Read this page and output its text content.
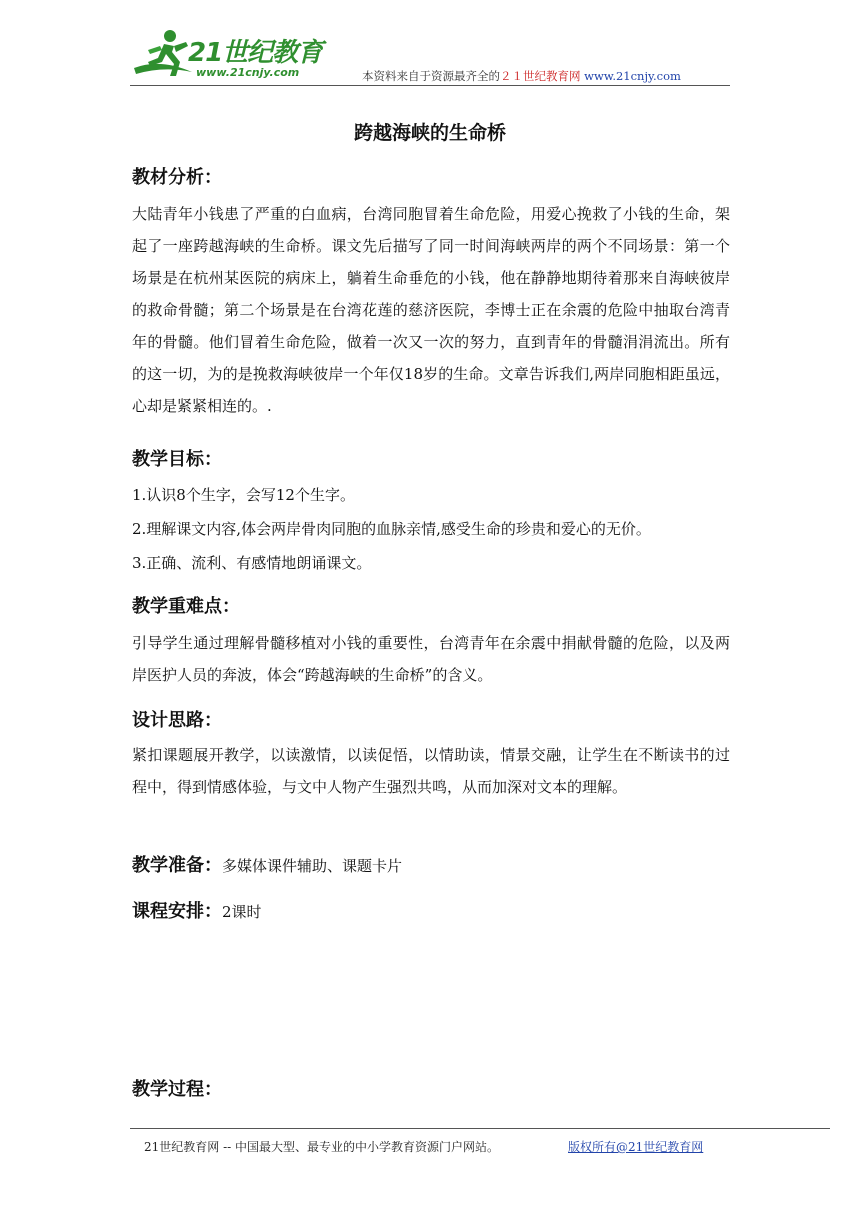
21世纪教育
www.21cnjy.com	本资料来自于资源最齐全的２１世纪教育网 www.21cnjy.com
跨越海峡的生命桥
教材分析：
大陆青年小钱患了严重的白血病，台湾同胞冒着生命危险，用爱心挽救了小钱的生命，架起了一座跨越海峡的生命桥。课文先后描写了同一时间海峡两岸的两个不同场景：第一个场景是在杭州某医院的病床上，躺着生命垂危的小钱，他在静静地期待着那来自海峡彼岸的救命骨髓；第二个场景是在台湾花莲的慈济医院，李博士正在余震的危险中抽取台湾青年的骨髓。他们冒着生命危险，做着一次又一次的努力，直到青年的骨髓涓涓流出。所有的这一切，为的是挽救海峡彼岸一个年仅18岁的生命。文章告诉我们,两岸同胞相距虽远，心却是紧紧相连的。.
教学目标：
1.认识8个生字，会写12个生字。
2.理解课文内容,体会两岸骨肉同胞的血脉亲情,感受生命的珍贵和爱心的无价。
3.正确、流利、有感情地朗诵课文。
教学重难点：
引导学生通过理解骨髓移植对小钱的重要性，台湾青年在余震中捐献骨髓的危险，以及两岸医护人员的奔波，体会“跨越海峡的生命桥”的含义。
设计思路：
紧扣课题展开教学，以读激情，以读促悟，以情助读，情景交融，让学生在不断读书的过程中，得到情感体验，与文中人物产生强烈共鸣，从而加深对文本的理解。
教学准备：多媒体课件辅助、课题卡片
课程安排：2课时
教学过程：
21世纪教育网 -- 中国最大型、最专业的中小学教育资源门户网站。	版权所有@21世纪教育网
